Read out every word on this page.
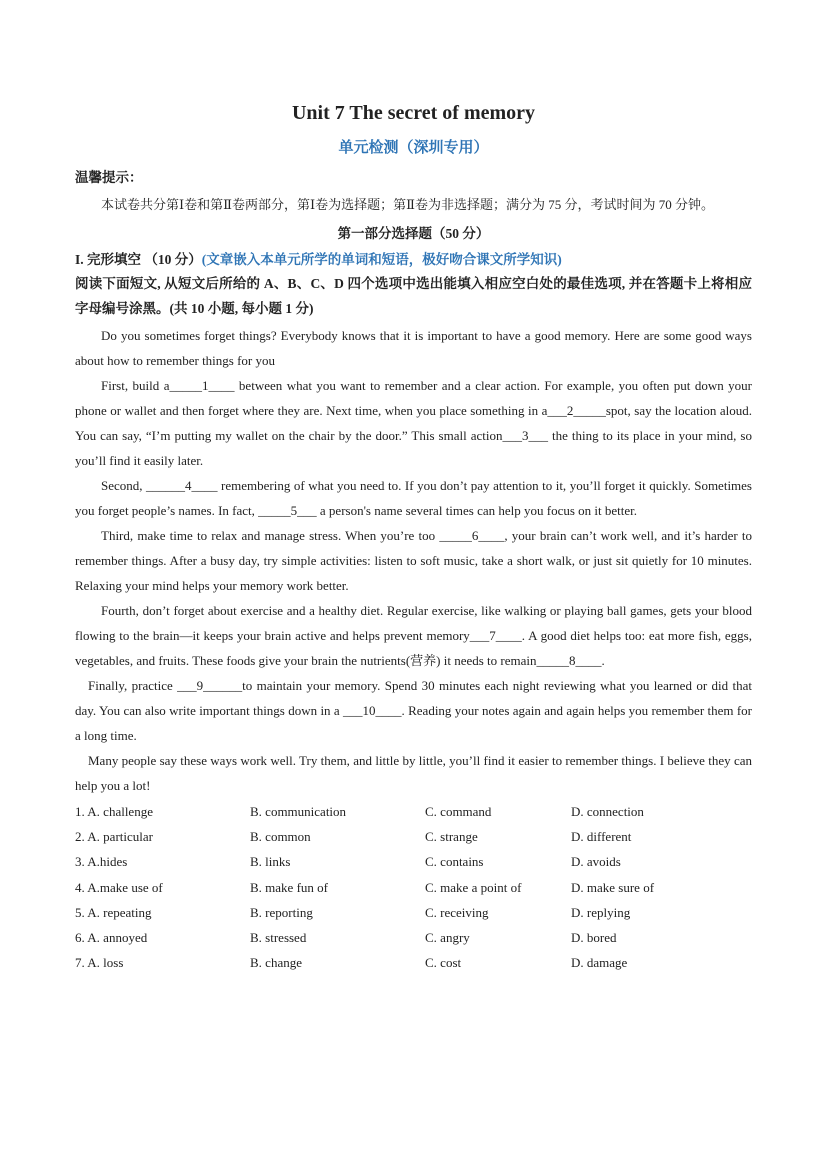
Unit 7 The secret of memory
单元检测（深圳专用）
温馨提示：

本试卷共分第Ⅰ卷和第Ⅱ卷两部分，第Ⅰ卷为选择题；第Ⅱ卷为非选择题；满分为 75 分，考试时间为 70 分钟。

第一部分选择题（50 分）
I. 完形填空 （10 分）(文章嵌入本单元所学的单词和短语，极好吻合课文所学知识)

阅读下面短文, 从短文后所给的 A、B、C、D 四个选项中选出能填入相应空白处的最佳选项, 并在答题卡上将相应字母编号涂黑。(共 10 小题, 每小题 1 分)

Do you sometimes forget things? Everybody knows that it is important to have a good memory. Here are some good ways about how to remember things for you

First, build a_____1____ between what you want to remember and a clear action. For example, you often put down your phone or wallet and then forget where they are. Next time, when you place something in a___2_____spot, say the location aloud. You can say, “I’m putting my wallet on the chair by the door.” This small action___3___ the thing to its place in your mind, so you’ll find it easily later.

Second, ______4____ remembering of what you need to. If you don’t pay attention to it, you’ll forget it quickly. Sometimes you forget people’s names. In fact, _____5___ a person's name several times can help you focus on it better.

Third, make time to relax and manage stress. When you’re too _____6____, your brain can’t work well, and it’s harder to remember things. After a busy day, try simple activities: listen to soft music, take a short walk, or just sit quietly for 10 minutes. Relaxing your mind helps your memory work better.

Fourth, don’t forget about exercise and a healthy diet. Regular exercise, like walking or playing ball games, gets your blood flowing to the brain—it keeps your brain active and helps prevent memory___7____. A good diet helps too: eat more fish, eggs, vegetables, and fruits. These foods give your brain the nutrients(营养) it needs to remain_____8____.

Finally, practice ___9______to maintain your memory. Spend 30 minutes each night reviewing what you learned or did that day. You can also write important things down in a ___10____. Reading your notes again and again helps you remember them for a long time.

Many people say these ways work well. Try them, and little by little, you’ll find it easier to remember things. I believe they can help you a lot!

1. A. challenge	B. communication	C. command	D. connection
2. A. particular	B. common	C. strange	D. different
3. A.hides	B. links	C. contains	D. avoids
4. A.make use of	B. make fun of	C. make a point of	D. make sure of
5. A. repeating	B. reporting	C. receiving	D. replying
6. A. annoyed	B. stressed	C. angry	D. bored
7. A. loss	B. change	C. cost	D. damage
